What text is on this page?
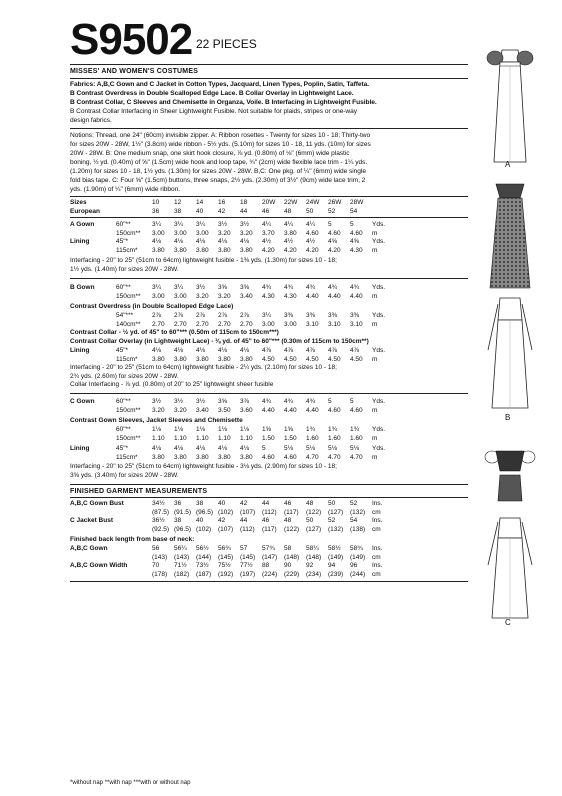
S9502 22 PIECES
MISSES' AND WOMEN'S COSTUMES
Fabrics: A,B,C Gown and C Jacket in Cotton Types, Jacquard, Linen Types, Poplin, Satin, Taffeta.
B Contrast Overdress in Double Scalloped Edge Lace. B Collar Overlay in Lightweight Lace.
B Contrast Collar, C Sleeves and Chemisette in Organza, Voile. B Interfacing in Lightweight Fusible.
B Contrast Collar Interfacing in Sheer Lightweight Fusible. Not suitable for plaids, stripes or one-way
design fabrics.
Notions: Thread, one 24" (60cm) invisible zipper. A: Ribbon rosettes - Twenty for sizes 10 - 18; Thirty-two
for sizes 20W - 28W, 1½" (3.8cm) wide ribbon - 5½ yds. (5.10m) for sizes 10 - 18, 11 yds. (10m) for sizes
20W - 28W. B: One medium snap, one skirt hook closure, ⅞ yd. (0.80m) of ⅛" (6mm) wide plastic
boning, ½ yd. (0.40m) of ⅝" (1.5cm) wide hook and loop tape, ¾" (2cm) wide flexible lace trim - 1¼ yds.
(1.20m) for sizes 10 - 18, 1½ yds. (1.30m) for sizes 20W - 28W. B,C: One pkg. of ¼" (6mm) wide single
fold bias tape. C: Four ⅝" (1.5cm) buttons, three snaps, 2½ yds. (2.30m) of 3½" (9cm) wide lace trim, 2
yds. (1.90m) of ¼" (6mm) wide ribbon.
Sizes	10	12	14	16	18	20W	22W	24W	26W	28W
European	36	38	40	42	44	46	48	50	52	54
A Gown	60"**	3¼	3¼	3¼	3½	3½	4¼	4¼	4¼	5	5	Yds.
	150cm**	3.00	3.00	3.00	3.20	3.20	3.70	3.80	4.60	4.60	4.60	m
Lining	45"*	4⅛	4⅛	4⅛	4⅛	4⅛	4½	4½	4½	4⅝	4⅝	Yds.
	115cm*	3.80	3.80	3.80	3.80	3.80	4.20	4.20	4.20	4.20	4.30	m
Interfacing - 20" to 25" (51cm to 64cm) lightweight fusible - 1⅜ yds. (1.30m) for sizes 10 - 18;
1½ yds. (1.40m) for sizes 20W - 28W.
B Gown	60"**	3¼	3¼	3½	3⅝	3⅝	4¾	4¾	4¾	4¾	4¾	Yds.
	150cm**	3.00	3.00	3.20	3.20	3.40	4.30	4.30	4.40	4.40	4.40	m
Contrast Overdress (in Double Scalloped Edge Lace)
	54"***	2⅞	2⅞	2⅞	2⅞	2⅞	3¼	3⅜	3⅜	3⅜	3⅜	Yds.
	140cm**	2.70	2.70	2.70	2.70	2.70	3.00	3.00	3.10	3.10	3.10	m
Contrast Collar - ½ yd. of 45" to 60"*** (0.50m of 115cm to 150cm***)
Contrast Collar Overlay (in Lightweight Lace) - ⅜ yd. of 45" to 60"*** (0.30m of 115cm to 150cm**)
Lining	45"*	4⅛	4⅛	4⅛	4⅛	4⅛	4⅞	4⅞	4⅞	4⅞	4⅞	Yds.
	115cm*	3.80	3.80	3.80	3.80	3.80	4.50	4.50	4.50	4.50	4.50	m
Interfacing - 20" to 25" (51cm to 64cm) lightweight fusible - 2¼ yds. (2.10m) for sizes 10 - 18;
2¾ yds. (2.60m) for sizes 20W - 28W.
Collar Interfacing - ⅞ yd. (0.80m) of 20" to 25" lightweight sheer fusible
C Gown	60"**	3½	3½	3½	3⅝	3⅞	4¾	4¾	4¾	5	5	Yds.
	150cm**	3.20	3.20	3.40	3.50	3.60	4.40	4.40	4.40	4.60	4.60	m
Contrast Gown Sleeves, Jacket Sleeves and Chemisette
	60"**	1⅛	1⅛	1⅛	1⅛	1⅛	1⅝	1⅝	1¾	1¾	1¾	Yds.
	150cm**	1.10	1.10	1.10	1.10	1.10	1.50	1.50	1.60	1.60	1.60	m
Lining	45"*	4⅛	4⅛	4⅛	4⅛	4⅛	5	5⅛	5⅛	5⅛	5⅛	Yds.
	115cm*	3.80	3.80	3.80	3.80	3.80	4.60	4.60	4.70	4.70	4.70	m
Interfacing - 20" to 25" (51cm to 64cm) lightweight fusible - 3⅛ yds. (2.90m) for sizes 10 - 18;
3⅝ yds. (3.40m) for sizes 20W - 28W.
FINISHED GARMENT MEASUREMENTS
A,B,C Gown Bust	34½	36	38	40	42	44	46	48	50	52	Ins.
	(87.5)	(91.5)	(96.5)	(102)	(107)	(112)	(117)	(122)	(127)	(132)	cm
C Jacket Bust	36½	38	40	42	44	46	48	50	52	54	Ins.
	(92.5)	(96.5)	(102)	(107)	(112)	(117)	(122)	(127)	(132)	(138)	cm
Finished back length from base of neck:
A,B,C Gown	56	56¼	56½	56¾	57	57¾	58	58¼	58½	58¾	Ins.
	(143)	(143)	(144)	(145)	(145)	(147)	(148)	(148)	(149)	(149)	cm
A,B,C Gown Width	70	71½	73½	75½	77½	88	90	92	94	96	Ins.
	(178)	(182)	(187)	(192)	(197)	(224)	(229)	(234)	(239)	(244)	cm
*without nap **with nap ***with or without nap
A
B
C
